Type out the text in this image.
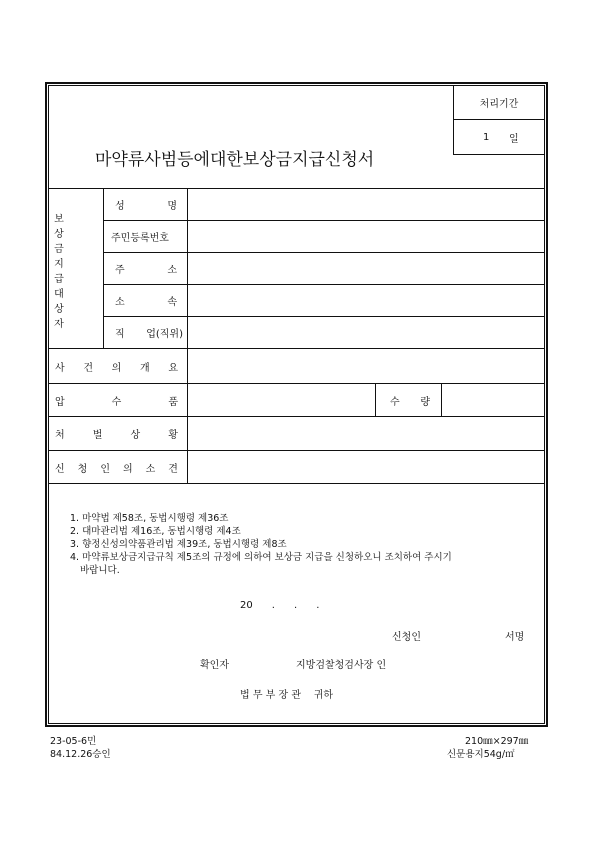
처리기간
1 일
마약류사범등에대한보상금지급신청서
보
상
금
지
급
대
상
자
성	명
주민등록번호
주	소
소	속
직 업(직위)
사 건 의 개 요
압	수	품	수 량
처	벌	상	황
신 청 인 의 소 견
1. 마약법 제58조, 동법시행령 제36조
2. 대마관리법 제16조, 동법시행령 제4조
3. 향정신성의약품관리법 제39조, 동법시행령 제8조
4. 마약류보상금지급규칙 제5조의 규정에 의하여 보상금 지급을 신청하오니 조치하여 주시기
바랍니다.
20      .      .      .
신청인	서명
확인자	지방검찰청검사장 인
법 무 부 장 관    귀하
23-05-6민
84.12.26승인
210㎜×297㎜
신문용지54g/㎡
